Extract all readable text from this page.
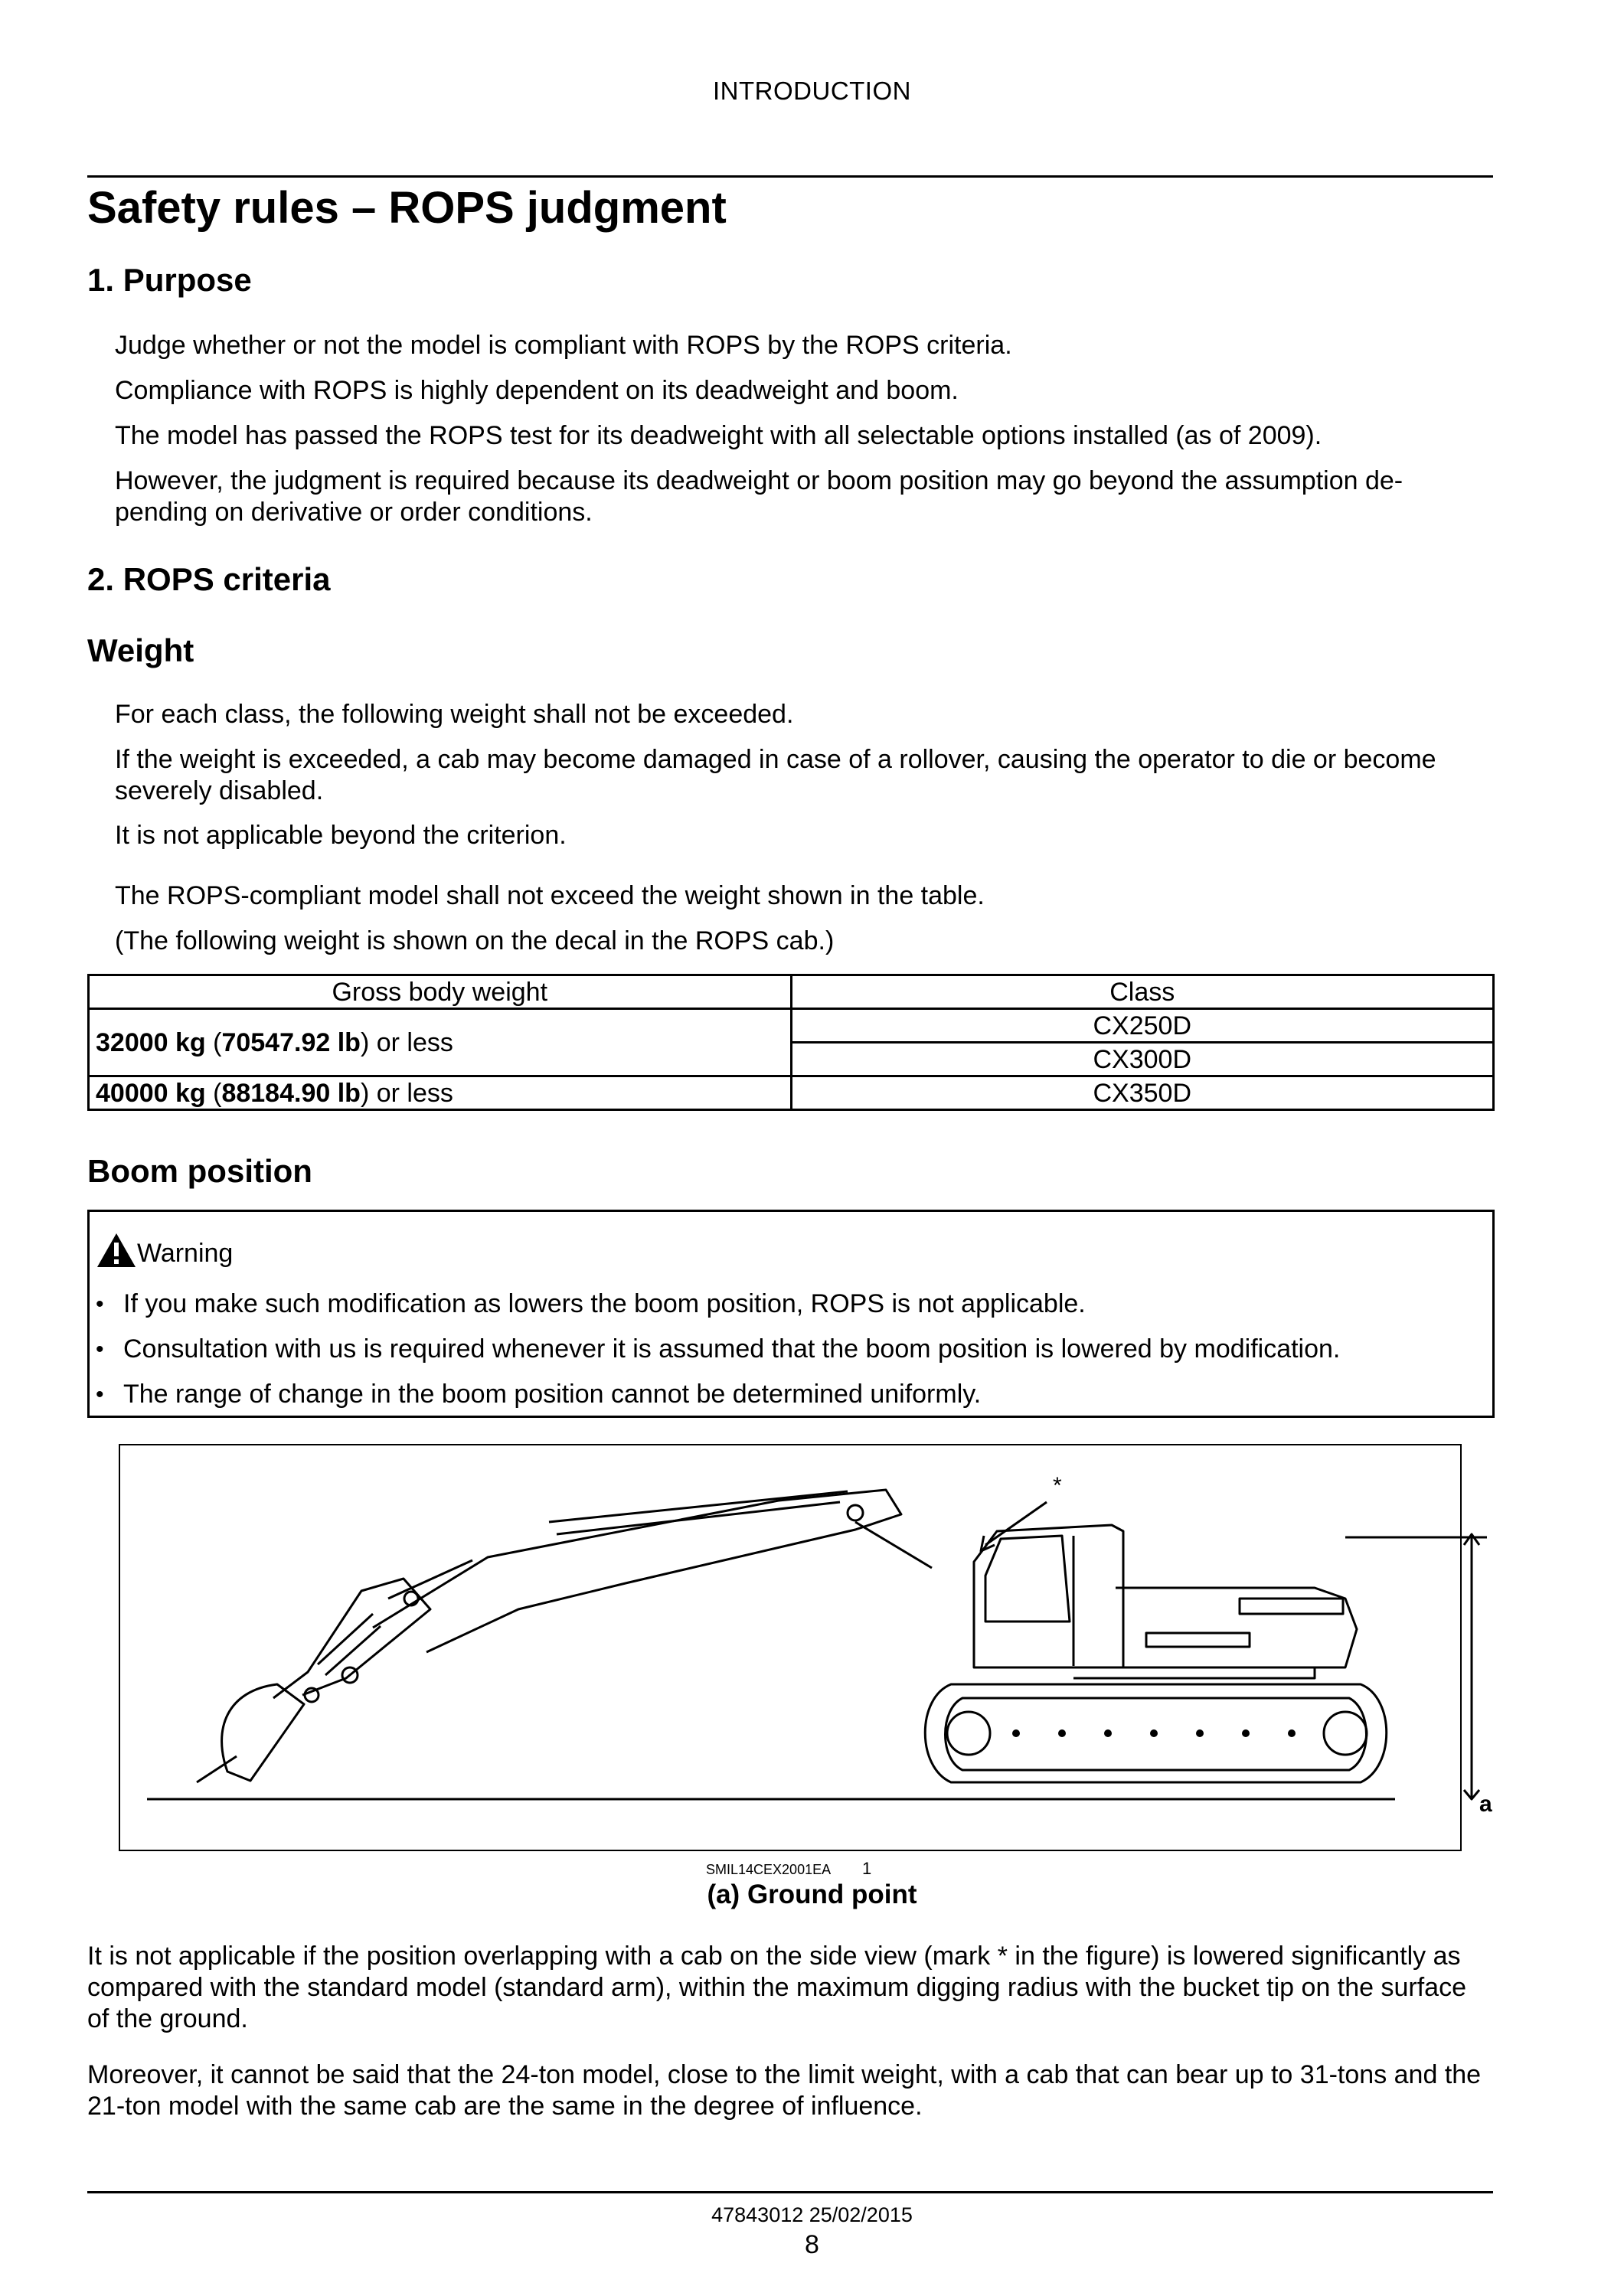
INTRODUCTION
Safety rules – ROPS judgment
1. Purpose
Judge whether or not the model is compliant with ROPS by the ROPS criteria.
Compliance with ROPS is highly dependent on its deadweight and boom.
The model has passed the ROPS test for its deadweight with all selectable options installed (as of 2009).
However, the judgment is required because its deadweight or boom position may go beyond the assumption de-pending on derivative or order conditions.
2. ROPS criteria
Weight
For each class, the following weight shall not be exceeded.
If the weight is exceeded, a cab may become damaged in case of a rollover, causing the operator to die or become severely disabled.
It is not applicable beyond the criterion.
The ROPS-compliant model shall not exceed the weight shown in the table.
(The following weight is shown on the decal in the ROPS cab.)
Gross body weight	Class
32000 kg (70547.92 lb) or less	CX250D
	CX300D
40000 kg (88184.90 lb) or less	CX350D
Boom position
Warning
• If you make such modification as lowers the boom position, ROPS is not applicable.
• Consultation with us is required whenever it is assumed that the boom position is lowered by modification.
• The range of change in the boom position cannot be determined uniformly.
*
a
SMIL14CEX2001EA 1
(a) Ground point
It is not applicable if the position overlapping with a cab on the side view (mark * in the figure) is lowered significantly as compared with the standard model (standard arm), within the maximum digging radius with the bucket tip on the surface of the ground.
Moreover, it cannot be said that the 24-ton model, close to the limit weight, with a cab that can bear up to 31-tons and the 21-ton model with the same cab are the same in the degree of influence.
47843012 25/02/2015
8
